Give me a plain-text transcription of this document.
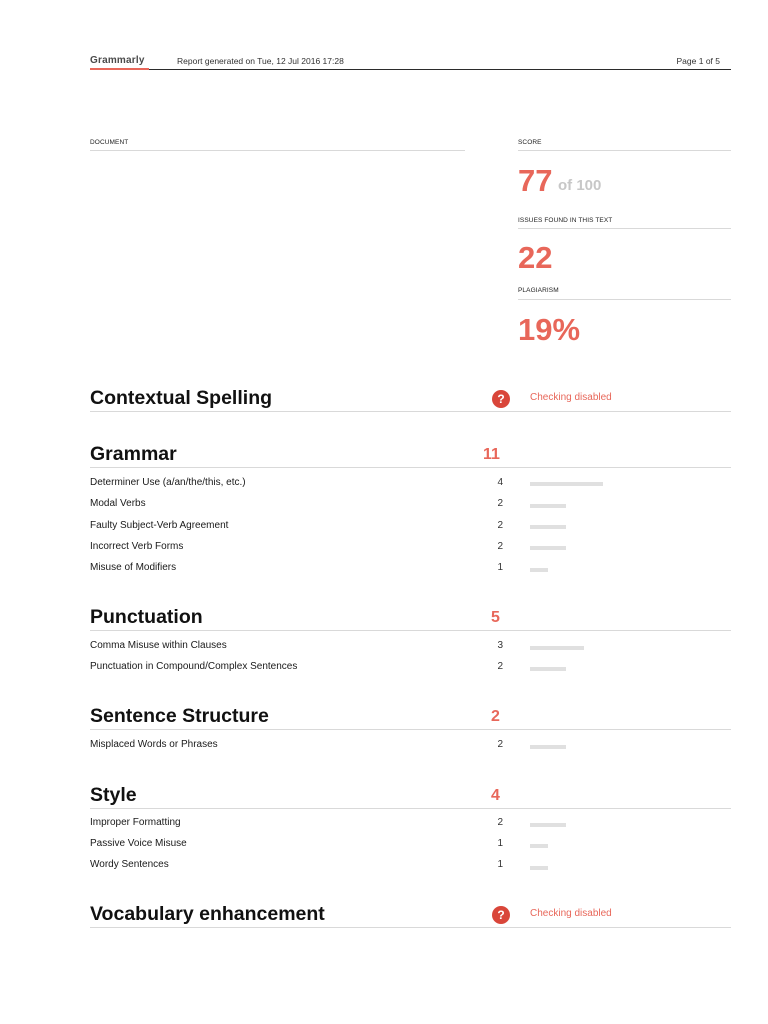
Grammarly	Report generated on Tue, 12 Jul 2016 17:28	Page 1 of 5
DOCUMENT	SCORE
77 of 100
ISSUES FOUND IN THIS TEXT
22
PLAGIARISM
19%
Contextual Spelling	?	Checking disabled
Grammar	11
Determiner Use (a/an/the/this, etc.)	4
Modal Verbs	2
Faulty Subject-Verb Agreement	2
Incorrect Verb Forms	2
Misuse of Modifiers	1
Punctuation	5
Comma Misuse within Clauses	3
Punctuation in Compound/Complex Sentences	2
Sentence Structure	2
Misplaced Words or Phrases	2
Style	4
Improper Formatting	2
Passive Voice Misuse	1
Wordy Sentences	1
Vocabulary enhancement	?	Checking disabled
